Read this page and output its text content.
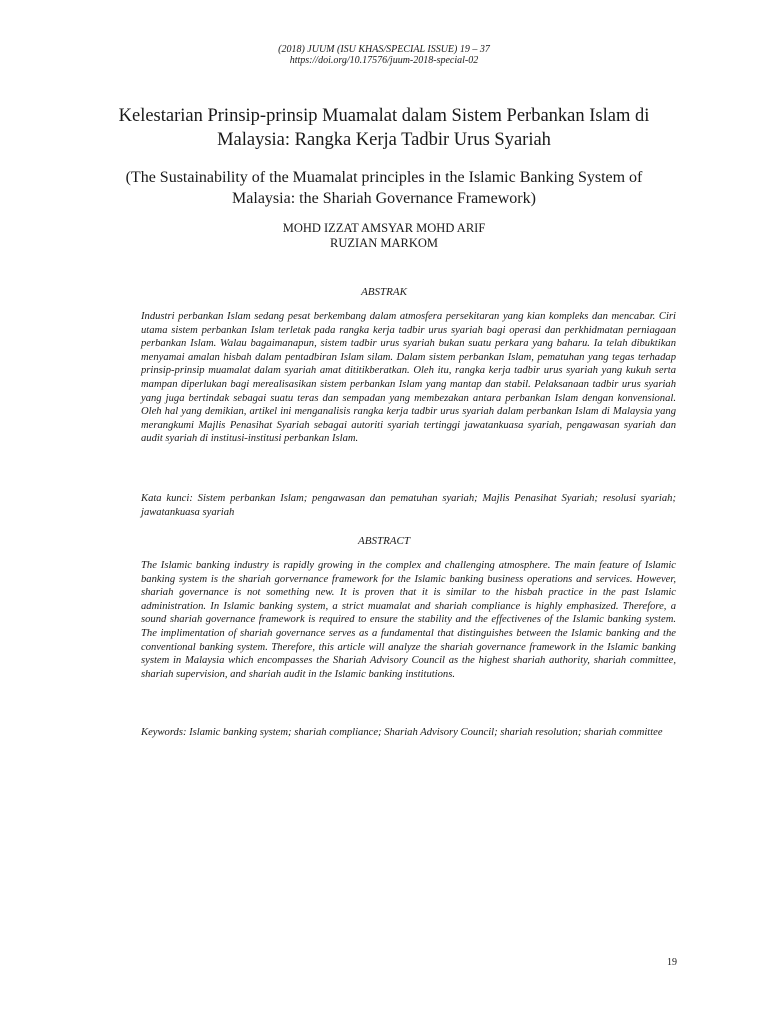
(2018) JUUM (ISU KHAS/SPECIAL ISSUE) 19 – 37
https://doi.org/10.17576/juum-2018-special-02
Kelestarian Prinsip-prinsip Muamalat dalam Sistem Perbankan Islam di Malaysia: Rangka Kerja Tadbir Urus Syariah
(The Sustainability of the Muamalat principles in the Islamic Banking System of Malaysia: the Shariah Governance Framework)
MOHD IZZAT AMSYAR MOHD ARIF
RUZIAN MARKOM
ABSTRAK

Industri perbankan Islam sedang pesat berkembang dalam atmosfera persekitaran yang kian kompleks dan mencabar. Ciri utama sistem perbankan Islam terletak pada rangka kerja tadbir urus syariah bagi operasi dan perkhidmatan perniagaan perbankan Islam. Walau bagaimanapun, sistem tadbir urus syariah bukan suatu perkara yang baharu. Ia telah dibuktikan menyamai amalan hisbah dalam pentadbiran Islam silam. Dalam sistem perbankan Islam, pematuhan yang tegas terhadap prinsip-prinsip muamalat dalam syariah amat dititikberatkan. Oleh itu, rangka kerja tadbir urus syariah yang kukuh serta mampan diperlukan bagi merealisasikan sistem perbankan Islam yang mantap dan stabil. Pelaksanaan tadbir urus syariah yang juga bertindak sebagai suatu teras dan sempadan yang membezakan antara perbankan Islam dengan konvensional. Oleh hal yang demikian, artikel ini menganalisis rangka kerja tadbir urus syariah dalam perbankan Islam di Malaysia yang merangkumi Majlis Penasihat Syariah sebagai autoriti syariah tertinggi jawatankuasa syariah, pengawasan syariah dan audit syariah di institusi-institusi perbankan Islam.

Kata kunci: Sistem perbankan Islam; pengawasan dan pematuhan syariah; Majlis Penasihat Syariah; resolusi syariah; jawatankuasa syariah

ABSTRACT

The Islamic banking industry is rapidly growing in the complex and challenging atmosphere. The main feature of Islamic banking system is the shariah gorvernance framework for the Islamic banking business operations and services. However, shariah governance is not something new. It is proven that it is similar to the hisbah practice in the past Islamic administration. In Islamic banking system, a strict muamalat and shariah compliance is highly emphasized. Therefore, a sound shariah governance framework is required to ensure the stability and the effectivenes of the Islamic banking system. The implimentation of shariah governance serves as a fundamental that distinguishes between the Islamic banking and the conventional banking system. Therefore, this article will analyze the shariah governance framework in the Islamic banking system in Malaysia which encompasses the Shariah Advisory Council as the highest shariah authority, shariah committee, shariah supervision, and shariah audit in the Islamic banking institutions.

Keywords: Islamic banking system; shariah compliance; Shariah Advisory Council; shariah resolution; shariah committee

19
